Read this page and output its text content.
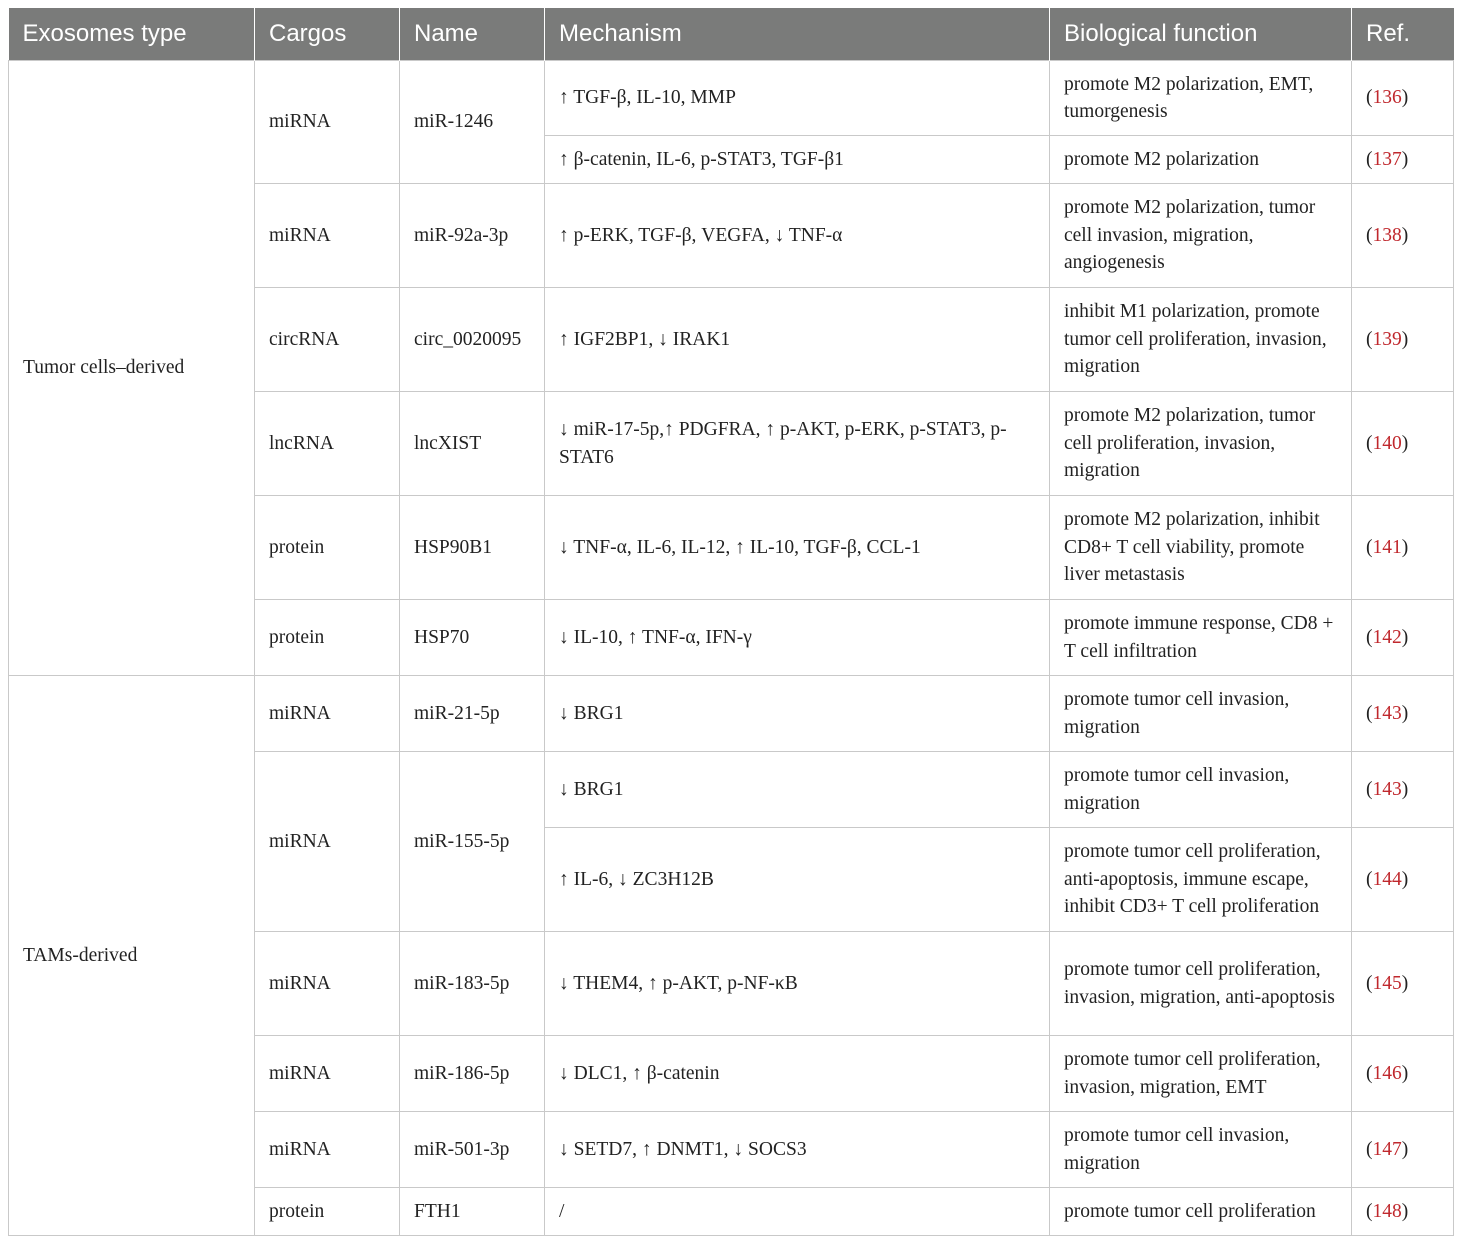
Exosomes type	Cargos	Name	Mechanism	Biological function	Ref.
Tumor cells–derived	miRNA	miR-1246	↑ TGF-β, IL-10, MMP	promote M2 polarization, EMT, tumorgenesis	(136)
			↑ β-catenin, IL-6, p-STAT3, TGF-β1	promote M2 polarization	(137)
	miRNA	miR-92a-3p	↑ p-ERK, TGF-β, VEGFA, ↓ TNF-α	promote M2 polarization, tumor cell invasion, migration, angiogenesis	(138)
	circRNA	circ_0020095	↑ IGF2BP1, ↓ IRAK1	inhibit M1 polarization, promote tumor cell proliferation, invasion, migration	(139)
	lncRNA	lncXIST	↓ miR-17-5p,↑ PDGFRA, ↑ p-AKT, p-ERK, p-STAT3, p-STAT6	promote M2 polarization, tumor cell proliferation, invasion, migration	(140)
	protein	HSP90B1	↓ TNF-α, IL-6, IL-12, ↑ IL-10, TGF-β, CCL-1	promote M2 polarization, inhibit CD8+ T cell viability, promote liver metastasis	(141)
	protein	HSP70	↓ IL-10, ↑ TNF-α, IFN-γ	promote immune response, CD8 + T cell infiltration	(142)
TAMs-derived	miRNA	miR-21-5p	↓ BRG1	promote tumor cell invasion, migration	(143)
	miRNA	miR-155-5p	↓ BRG1	promote tumor cell invasion, migration	(143)
			↑ IL-6, ↓ ZC3H12B	promote tumor cell proliferation, anti-apoptosis, immune escape, inhibit CD3+ T cell proliferation	(144)
	miRNA	miR-183-5p	↓ THEM4, ↑ p-AKT, p-NF-κB	promote tumor cell proliferation, invasion, migration, anti-apoptosis	(145)
	miRNA	miR-186-5p	↓ DLC1, ↑ β-catenin	promote tumor cell proliferation, invasion, migration, EMT	(146)
	miRNA	miR-501-3p	↓ SETD7, ↑ DNMT1, ↓ SOCS3	promote tumor cell invasion, migration	(147)
	protein	FTH1	/	promote tumor cell proliferation	(148)
